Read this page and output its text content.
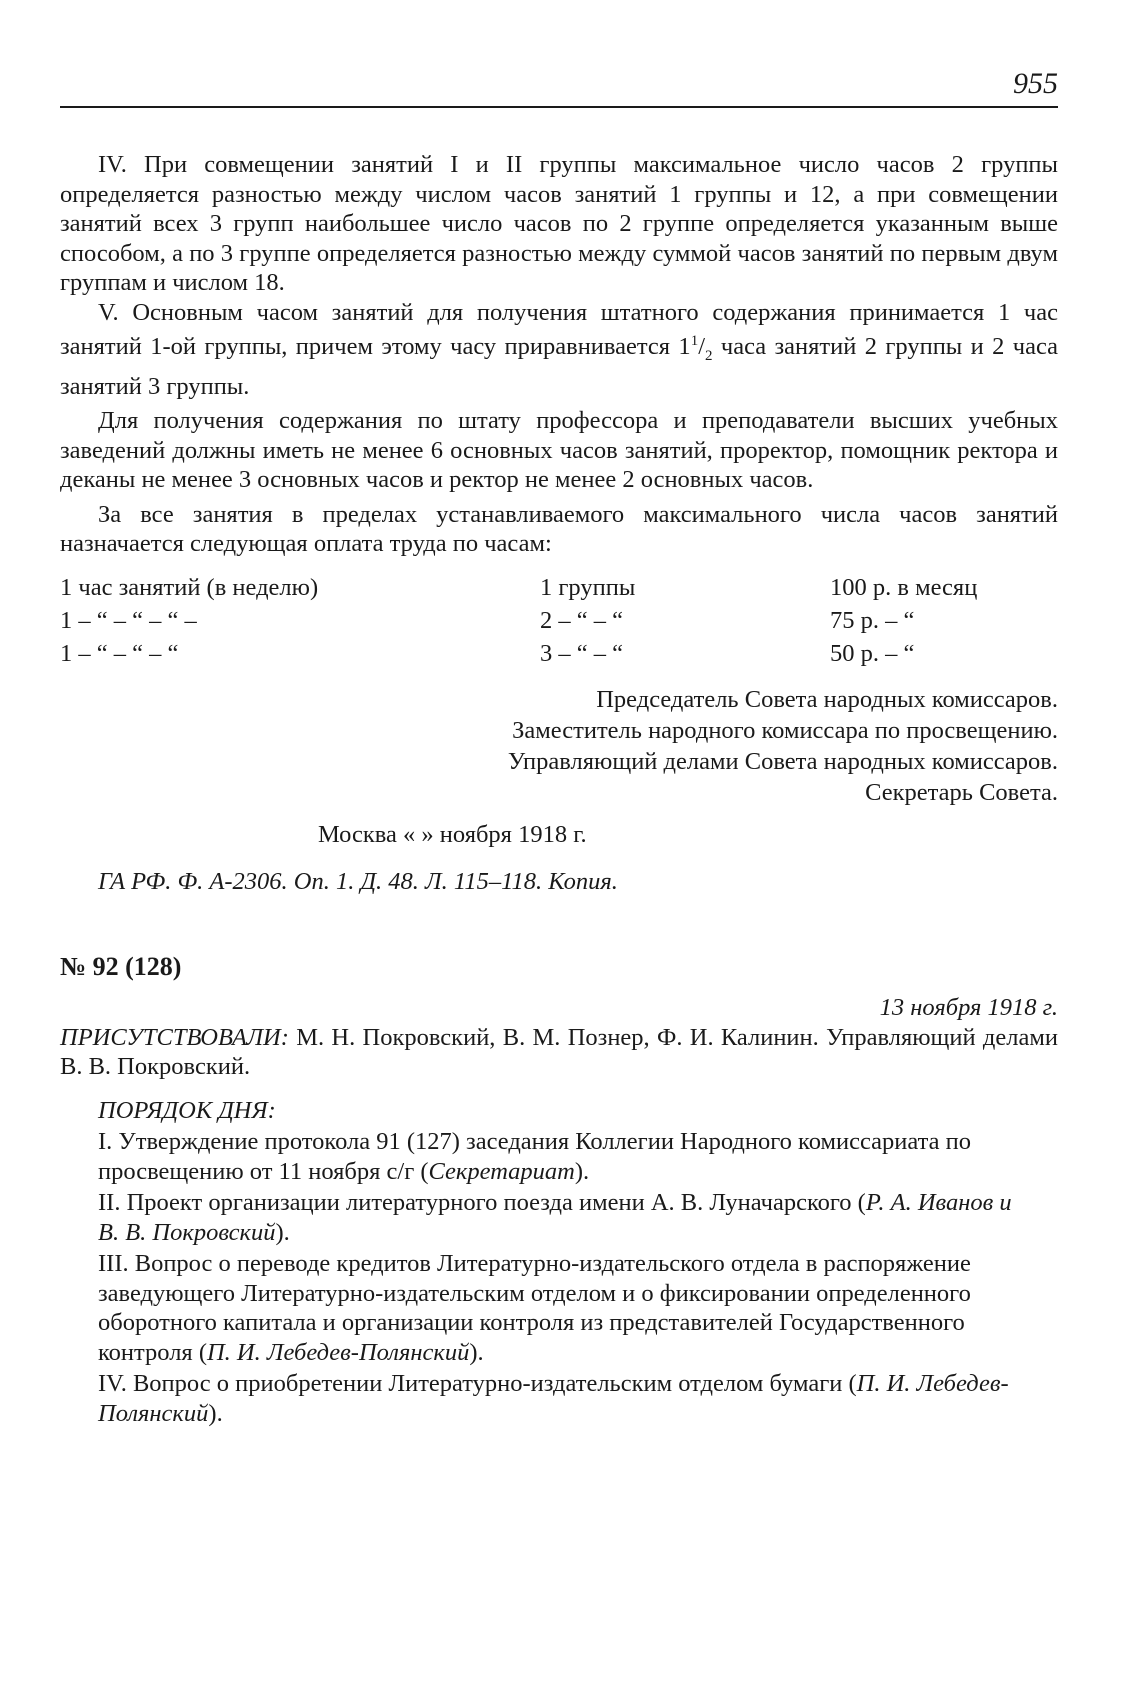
955

IV. При совмещении занятий I и II группы максимальное число часов 2 группы определяется разностью между числом часов занятий 1 группы и 12, а при совмещении занятий всех 3 групп наибольшее число часов по 2 группе определяется указанным выше способом, а по 3 группе определяется разностью между суммой часов занятий по первым двум группам и числом 18.

V. Основным часом занятий для получения штатного содержания принимается 1 час занятий 1-ой группы, причем этому часу приравнивается $1^1/_2$ часа занятий 2 группы и 2 часа занятий 3 группы.

Для получения содержания по штату профессора и преподаватели высших учебных заведений должны иметь не менее 6 основных часов занятий, проректор, помощник ректора и деканы не менее 3 основных часов и ректор не менее 2 основных часов.

За все занятия в пределах устанавливаемого максимального числа часов занятий назначается следующая оплата труда по часам:

1 час занятий (в неделю)	1 группы	100 р. в месяц
1 – “ – “ – “ –	2 – “ – “	75 р. – “
1 – “ – “ – “	3 – “ – “	50 р. – “
Председатель Совета народных комиссаров.
Заместитель народного комиссара по просвещению.
Управляющий делами Совета народных комиссаров.
Секретарь Совета.
Москва « » ноября 1918 г.
ГА РФ. Ф. А-2306. Оп. 1. Д. 48. Л. 115–118. Копия.
№ 92 (128)
13 ноября 1918 г.

ПРИСУТСТВОВАЛИ: М. Н. Покровский, В. М. Познер, Ф. И. Калинин. Управляющий делами В. В. Покровский.

ПОРЯДОК ДНЯ:

I. Утверждение протокола 91 (127) заседания Коллегии Народного комиссариата по просвещению от 11 ноября с/г (Секретариат).

II. Проект организации литературного поезда имени А. В. Луначарского (Р. А. Иванов и В. В. Покровский).

III. Вопрос о переводе кредитов Литературно-издательского отдела в распоряжение заведующего Литературно-издательским отделом и о фиксировании определенного оборотного капитала и организации контроля из представителей Государственного контроля (П. И. Лебедев-Полянский).

IV. Вопрос о приобретении Литературно-издательским отделом бумаги (П. И. Лебедев-Полянский).
